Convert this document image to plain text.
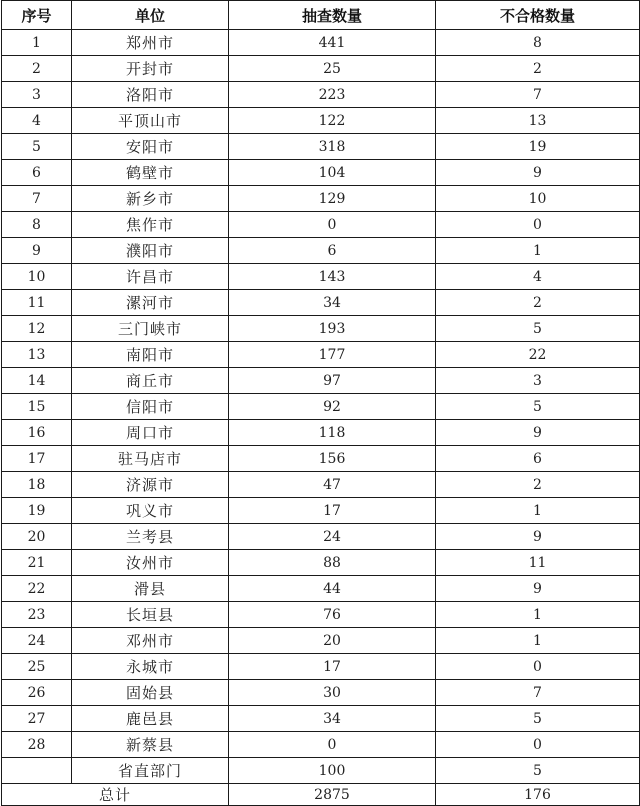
序号	单位	抽查数量	不合格数量
1	郑州市	441	8
2	开封市	25	2
3	洛阳市	223	7
4	平顶山市	122	13
5	安阳市	318	19
6	鹤壁市	104	9
7	新乡市	129	10
8	焦作市	0	0
9	濮阳市	6	1
10	许昌市	143	4
11	漯河市	34	2
12	三门峡市	193	5
13	南阳市	177	22
14	商丘市	97	3
15	信阳市	92	5
16	周口市	118	9
17	驻马店市	156	6
18	济源市	47	2
19	巩义市	17	1
20	兰考县	24	9
21	汝州市	88	11
22	滑县	44	9
23	长垣县	76	1
24	邓州市	20	1
25	永城市	17	0
26	固始县	30	7
27	鹿邑县	34	5
28	新蔡县	0	0
	省直部门	100	5
总计		2875	176
